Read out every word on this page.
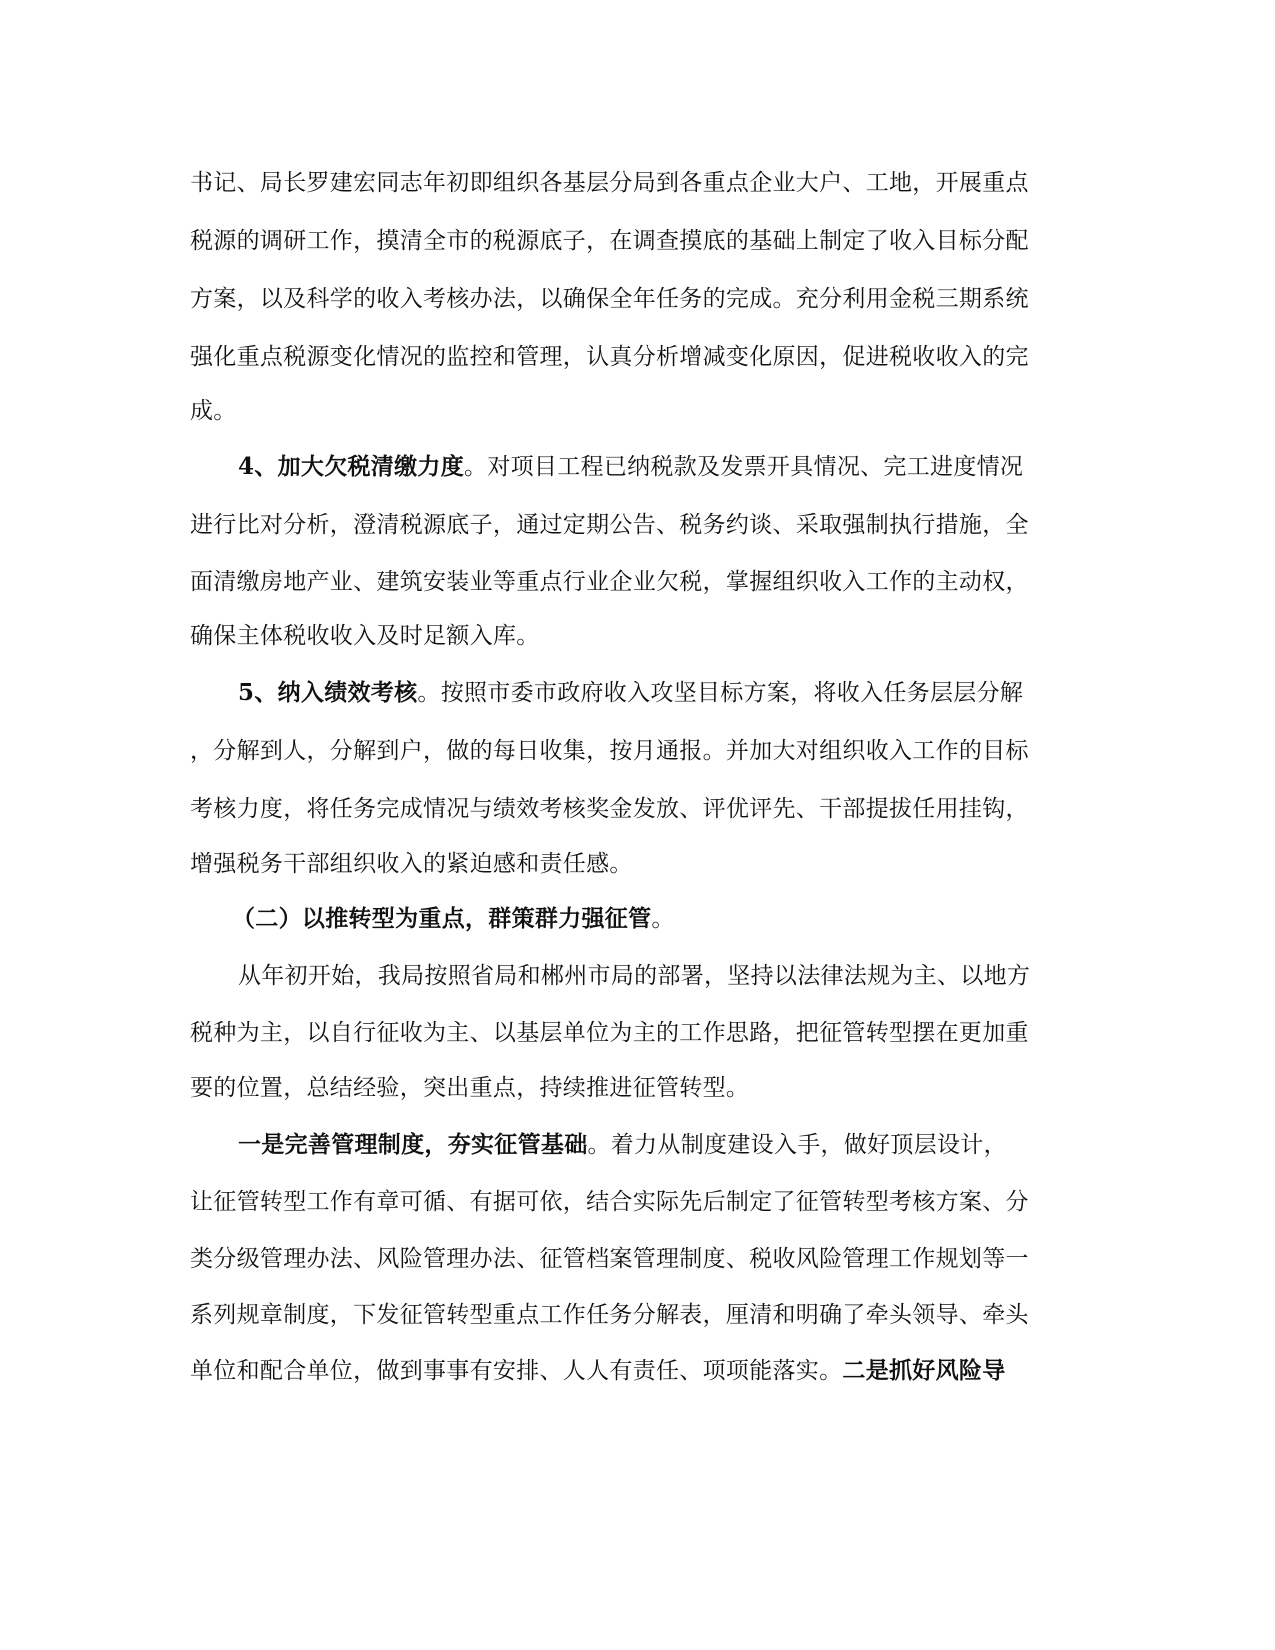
书记、局长罗建宏同志年初即组织各基层分局到各重点企业大户、工地，开展重点
税源的调研工作，摸清全市的税源底子，在调查摸底的基础上制定了收入目标分配
方案，以及科学的收入考核办法，以确保全年任务的完成。充分利用金税三期系统
强化重点税源变化情况的监控和管理，认真分析增减变化原因，促进税收收入的完
成。
4、加大欠税清缴力度。对项目工程已纳税款及发票开具情况、完工进度情况
进行比对分析，澄清税源底子，通过定期公告、税务约谈、采取强制执行措施，全
面清缴房地产业、建筑安装业等重点行业企业欠税，掌握组织收入工作的主动权，
确保主体税收收入及时足额入库。
5、纳入绩效考核。按照市委市政府收入攻坚目标方案，将收入任务层层分解
，分解到人，分解到户，做的每日收集，按月通报。并加大对组织收入工作的目标
考核力度，将任务完成情况与绩效考核奖金发放、评优评先、干部提拔任用挂钩，
增强税务干部组织收入的紧迫感和责任感。
（二）以推转型为重点，群策群力强征管。
从年初开始，我局按照省局和郴州市局的部署，坚持以法律法规为主、以地方
税种为主，以自行征收为主、以基层单位为主的工作思路，把征管转型摆在更加重
要的位置，总结经验，突出重点，持续推进征管转型。
一是完善管理制度，夯实征管基础。着力从制度建设入手，做好顶层设计，
让征管转型工作有章可循、有据可依，结合实际先后制定了征管转型考核方案、分
类分级管理办法、风险管理办法、征管档案管理制度、税收风险管理工作规划等一
系列规章制度，下发征管转型重点工作任务分解表，厘清和明确了牵头领导、牵头
单位和配合单位，做到事事有安排、人人有责任、项项能落实。二是抓好风险导
